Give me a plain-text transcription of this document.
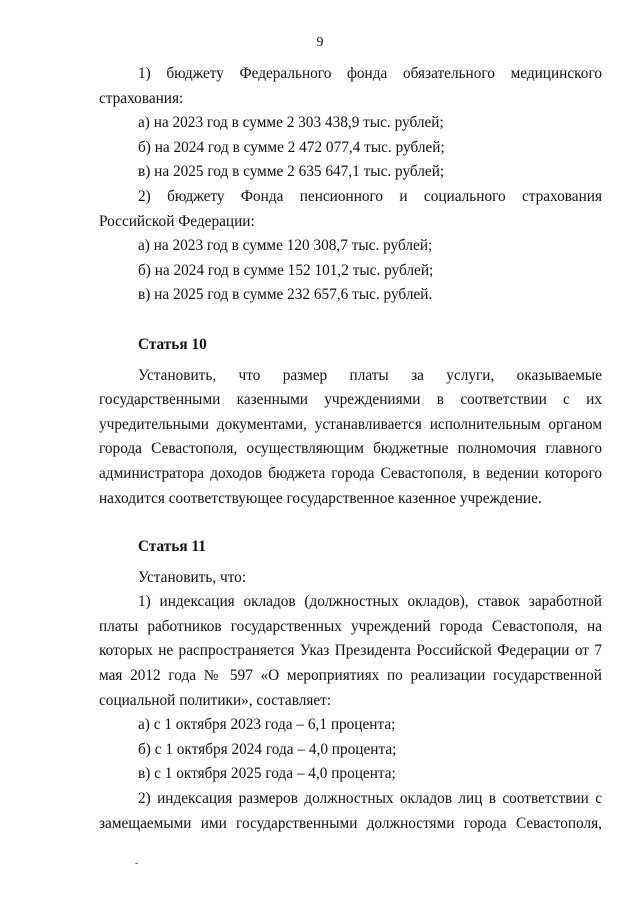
9

1) бюджету Федерального фонда обязательного медицинского страхования:

а) на 2023 год в сумме 2 303 438,9 тыс. рублей;

б) на 2024 год в сумме 2 472 077,4 тыс. рублей;

в) на 2025 год в сумме 2 635 647,1 тыс. рублей;

2) бюджету Фонда пенсионного и социального страхования Российской Федерации:

а) на 2023 год в сумме 120 308,7 тыс. рублей;

б) на 2024 год в сумме 152 101,2 тыс. рублей;

в) на 2025 год в сумме 232 657,6 тыс. рублей.

Статья 10

Установить, что размер платы за услуги, оказываемые государственными казенными учреждениями в соответствии с их учредительными документами, устанавливается исполнительным органом города Севастополя, осуществляющим бюджетные полномочия главного администратора доходов бюджета города Севастополя, в ведении которого находится соответствующее государственное казенное учреждение.

Статья 11

Установить, что:

1) индексация окладов (должностных окладов), ставок заработной платы работников государственных учреждений города Севастополя, на которых не распространяется Указ Президента Российской Федерации от 7 мая 2012 года № 597 «О мероприятиях по реализации государственной социальной политики», составляет:

а) с 1 октября 2023 года – 6,1 процента;

б) с 1 октября 2024 года – 4,0 процента;

в) с 1 октября 2025 года – 4,0 процента;

2) индексация размеров должностных окладов лиц в соответствии с замещаемыми ими государственными должностями города Севастополя,

-
